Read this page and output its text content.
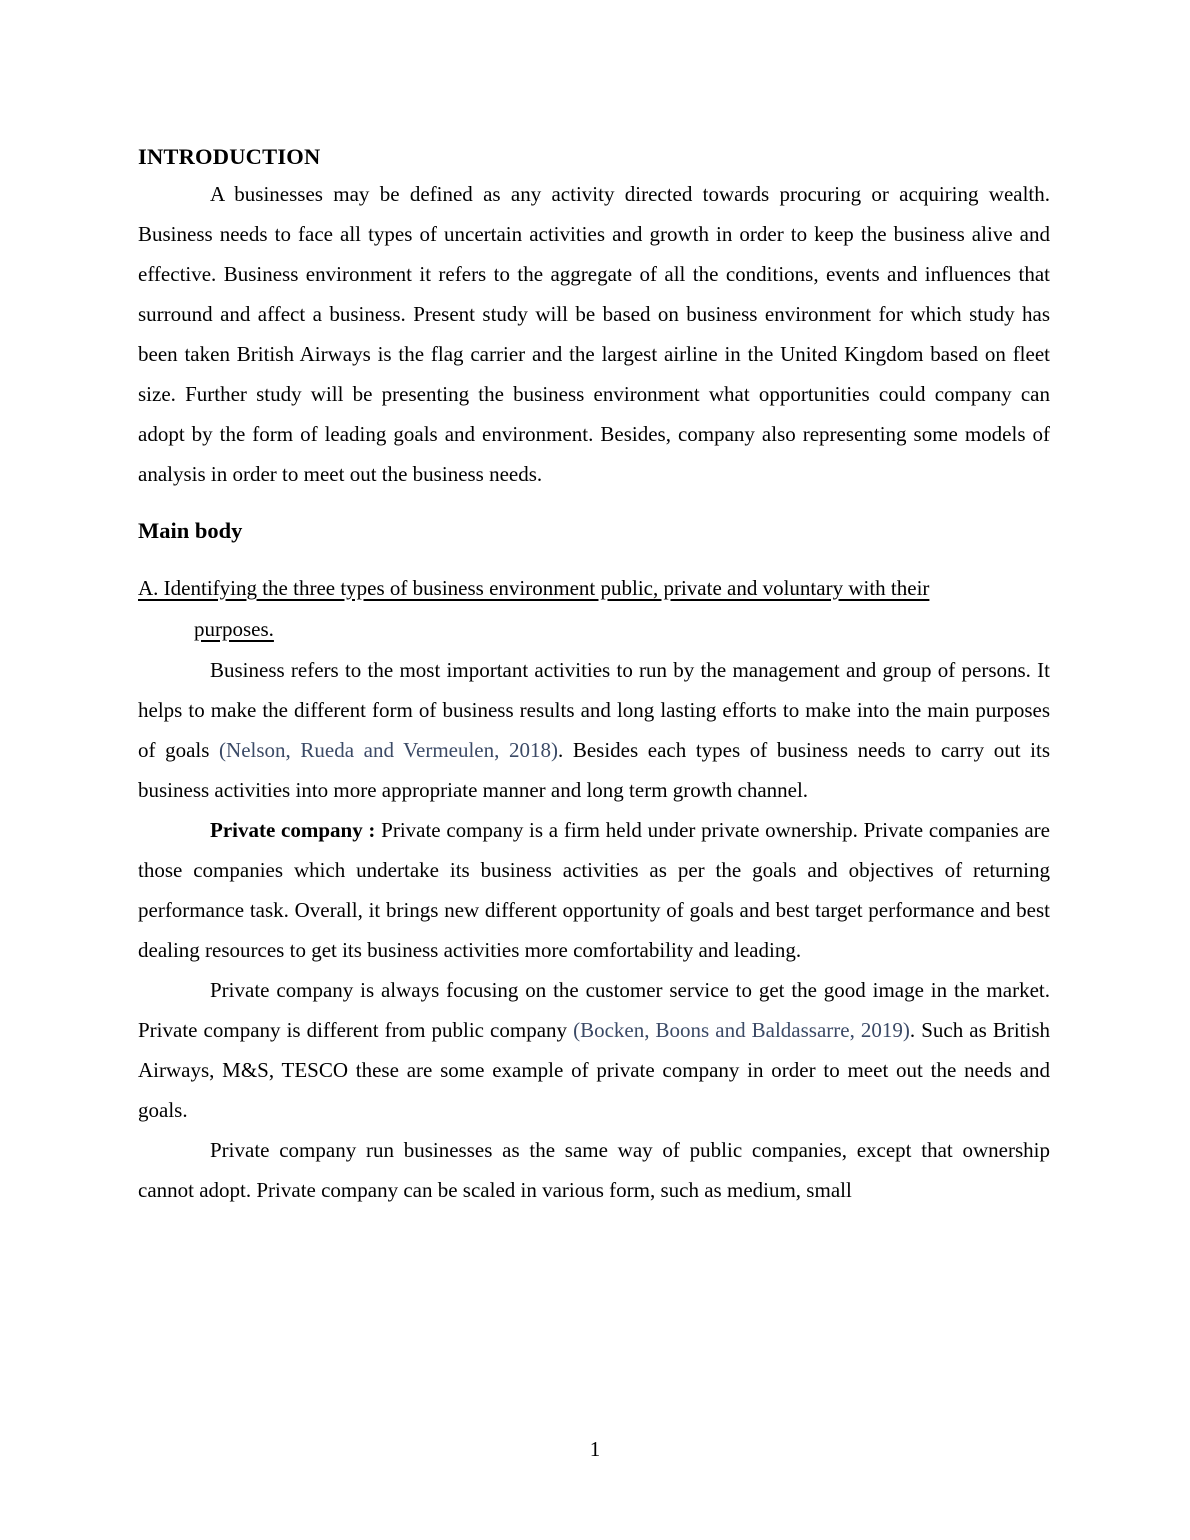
INTRODUCTION

A businesses may be defined as any activity directed towards procuring or acquiring wealth. Business needs to face all types of uncertain activities and growth in order to keep the business alive and effective. Business environment it refers to the aggregate of all the conditions, events and influences that surround and affect a business. Present study will be based on business environment for which study has been taken British Airways is the flag carrier and the largest airline in the United Kingdom based on fleet size. Further study will be presenting the business environment what opportunities could company can adopt by the form of leading goals and environment. Besides, company also representing some models of analysis in order to meet out the business needs.

Main body
A. Identifying the three types of business environment public, private and voluntary with their
purposes.

Business refers to the most important activities to run by the management and group of persons. It helps to make the different form of business results and long lasting efforts to make into the main purposes of goals (Nelson, Rueda and Vermeulen, 2018). Besides each types of business needs to carry out its business activities into more appropriate manner and long term growth channel.

Private company : Private company is a firm held under private ownership. Private companies are those companies which undertake its business activities as per the goals and objectives of returning performance task. Overall, it brings new different opportunity of goals and best target performance and best dealing resources to get its business activities more comfortability and leading.

Private company is always focusing on the customer service to get the good image in the market. Private company is different from public company (Bocken, Boons and Baldassarre, 2019). Such as British Airways, M&S, TESCO these are some example of private company in order to meet out the needs and goals.

Private company run businesses as the same way of public companies, except that ownership cannot adopt. Private company can be scaled in various form, such as medium, small

1
